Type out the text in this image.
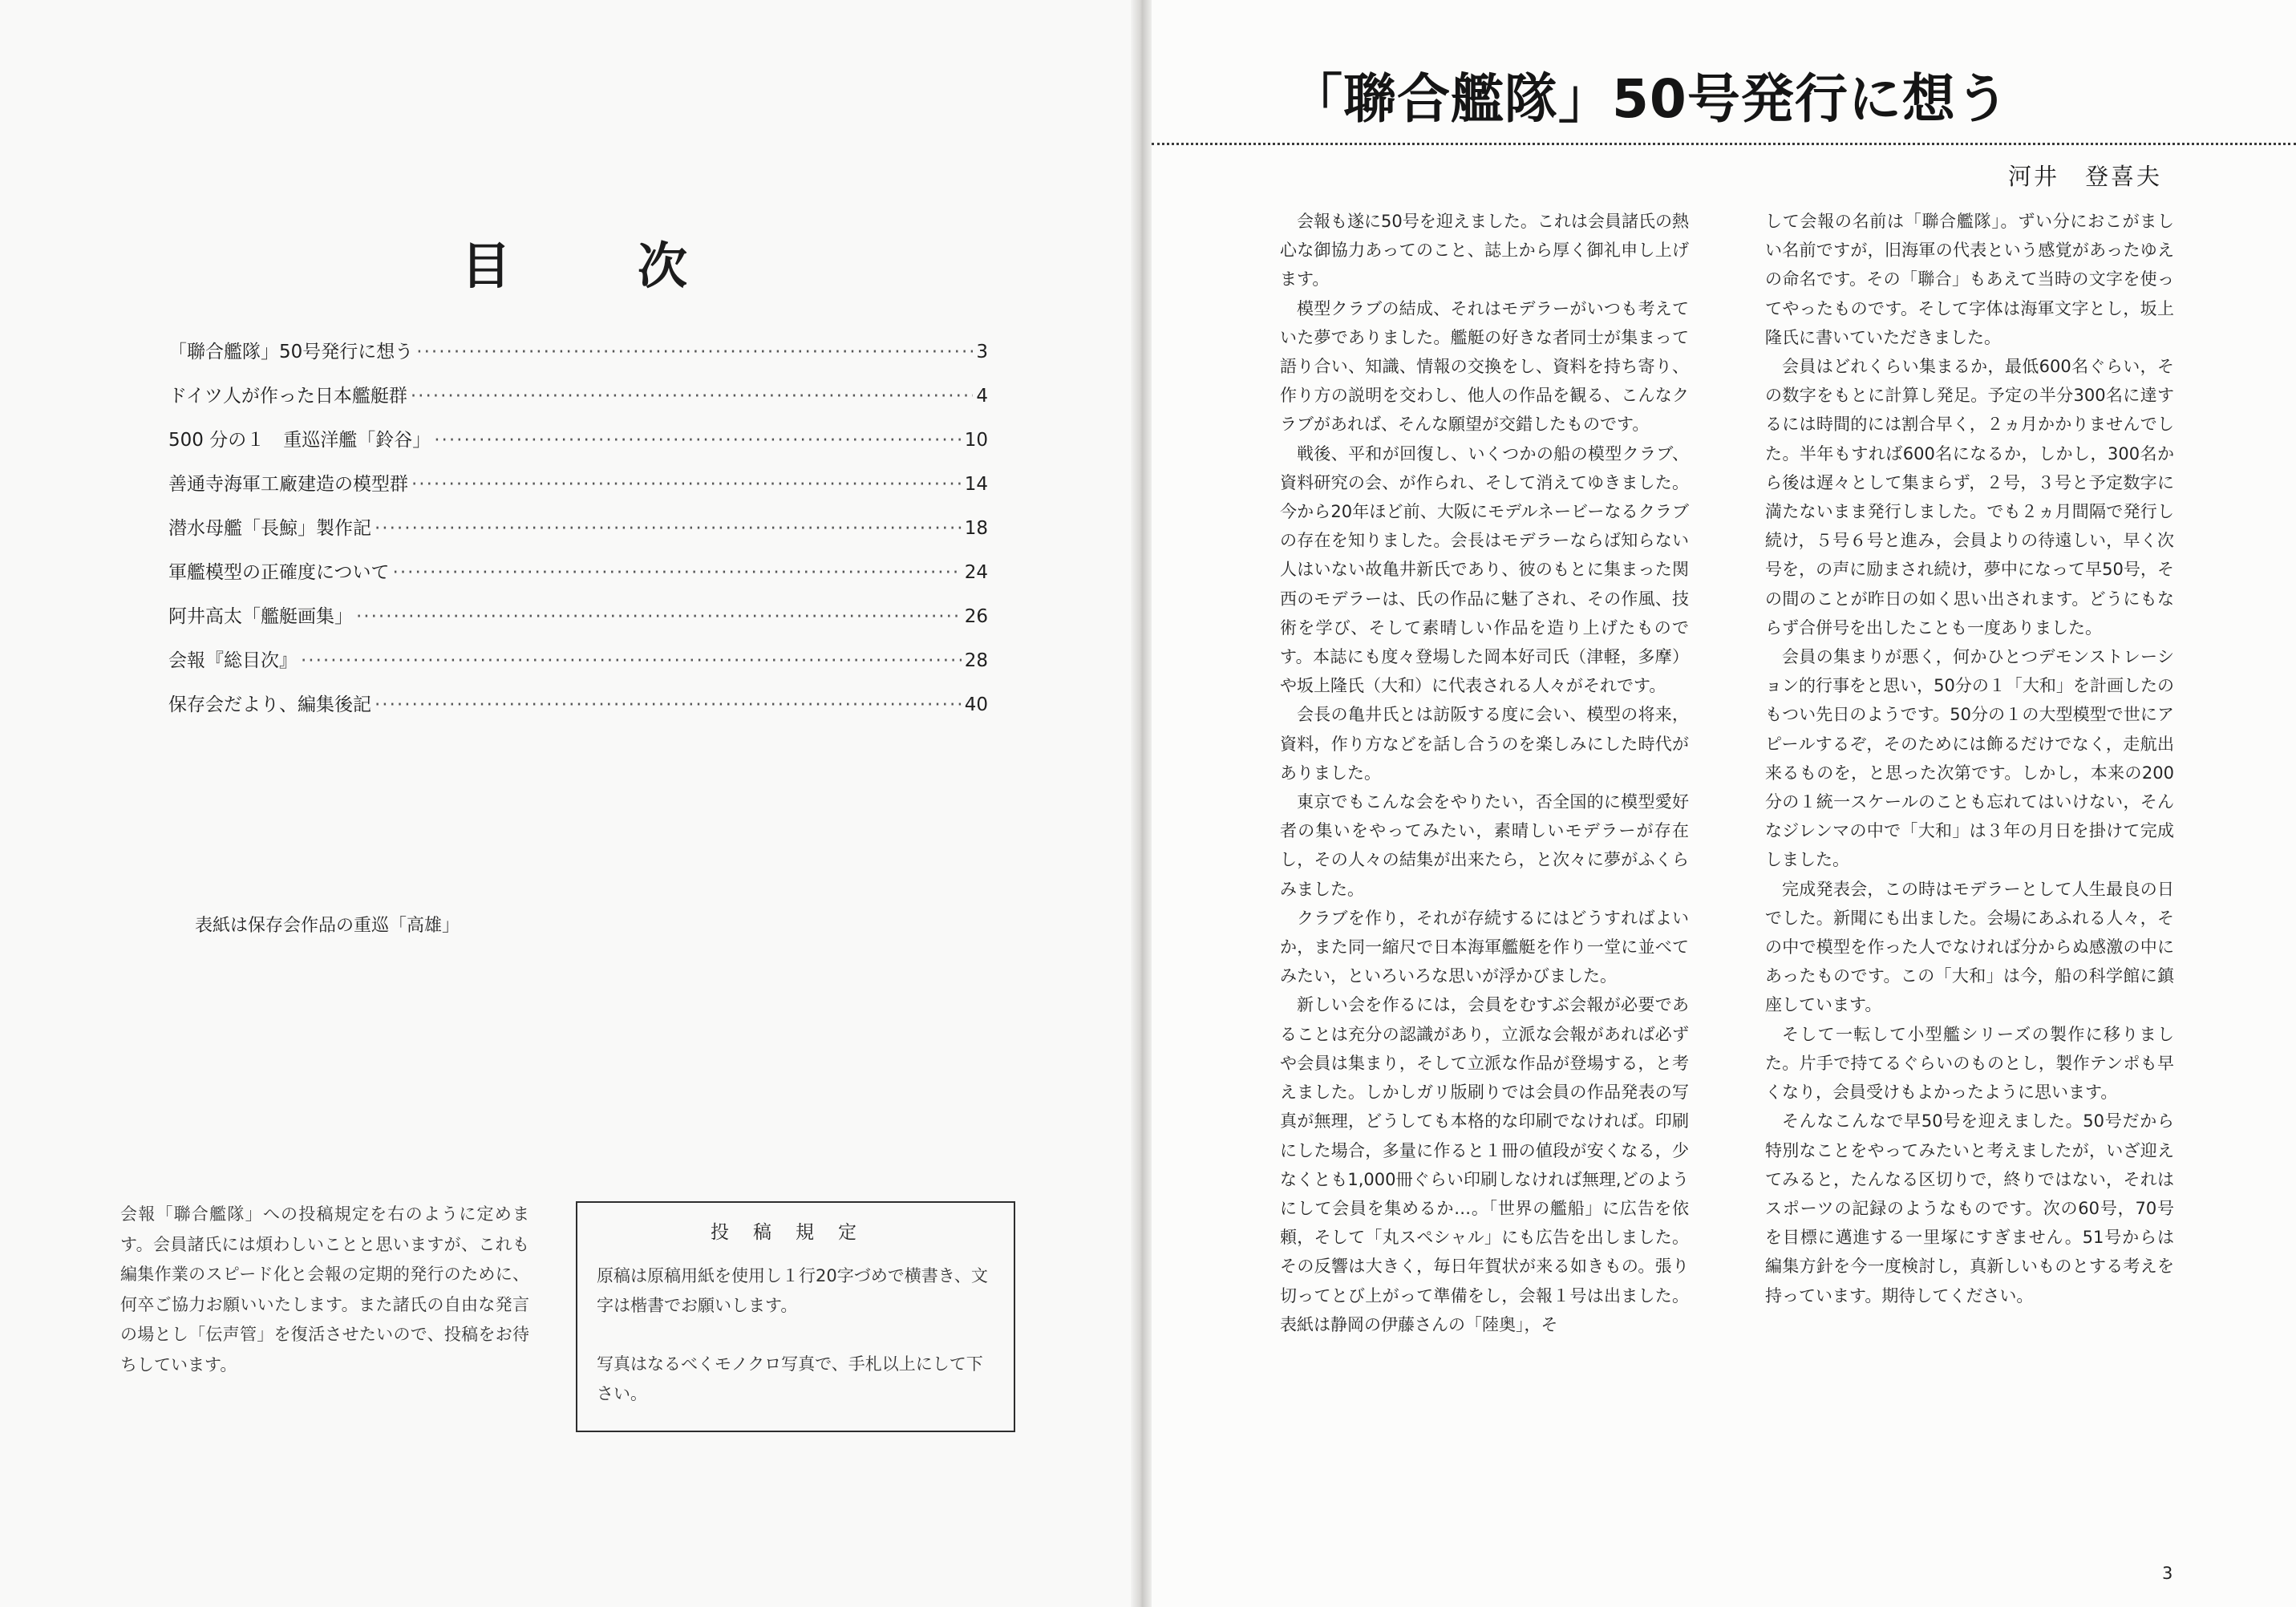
目　次
「聯合艦隊」50号発行に想う ·····	3
ドイツ人が作った日本艦艇群 ·····	4
500 分の１　重巡洋艦「鈴谷」 ·····	10
善通寺海軍工廠建造の模型群 ·····	14
潜水母艦「長鯨」製作記 ·····	18
軍艦模型の正確度について ·····	24
阿井高太「艦艇画集」 ·····	26
会報『総目次』 ·····	28
保存会だより、編集後記 ·····	40
表紙は保存会作品の重巡「高雄」

会報「聯合艦隊」への投稿規定を右のように定めます。会員諸氏には煩わしいことと思いますが、これも編集作業のスピード化と会報の定期的発行のために、何卒ご協力お願いいたします。また諸氏の自由な発言の場とし「伝声管」を復活させたいので、投稿をお待ちしています。

投稿規定

原稿は原稿用紙を使用し１行20字づめで横書き、文字は楷書でお願いします。

写真はなるべくモノクロ写真で、手札以上にして下さい。

「聯合艦隊」50号発行に想う
河井　登喜夫

会報も遂に50号を迎えました。これは会員諸氏の熱心な御協力あってのこと、誌上から厚く御礼申し上げます。

模型クラブの結成、それはモデラーがいつも考えていた夢でありました。艦艇の好きな者同士が集まって語り合い、知識、情報の交換をし、資料を持ち寄り、作り方の説明を交わし、他人の作品を観る、こんなクラブがあれば、そんな願望が交錯したものです。

戦後、平和が回復し、いくつかの船の模型クラブ、資料研究の会、が作られ、そして消えてゆきました。今から20年ほど前、大阪にモデルネービーなるクラブの存在を知りました。会長はモデラーならば知らない人はいない故亀井新氏であり、彼のもとに集まった関西のモデラーは、氏の作品に魅了され、その作風、技術を学び、そして素晴しい作品を造り上げたものです。本誌にも度々登場した岡本好司氏（津軽，多摩）や坂上隆氏（大和）に代表される人々がそれです。

会長の亀井氏とは訪阪する度に会い、模型の将来，資料，作り方などを話し合うのを楽しみにした時代がありました。

東京でもこんな会をやりたい，否全国的に模型愛好者の集いをやってみたい，素晴しいモデラーが存在し，その人々の結集が出来たら，と次々に夢がふくらみました。

クラブを作り，それが存続するにはどうすればよいか，また同一縮尺で日本海軍艦艇を作り一堂に並べてみたい，といろいろな思いが浮かびました。

新しい会を作るには，会員をむすぶ会報が必要であることは充分の認識があり，立派な会報があれば必ずや会員は集まり，そして立派な作品が登場する，と考えました。しかしガリ版刷りでは会員の作品発表の写真が無理，どうしても本格的な印刷でなければ。印刷にした場合，多量に作ると１冊の値段が安くなる，少なくとも1,000冊ぐらい印刷しなければ無理,どのようにして会員を集めるか…。「世界の艦船」に広告を依頼，そして「丸スペシャル」にも広告を出しました。その反響は大きく，毎日年賀状が来る如きもの。張り切ってとび上がって準備をし，会報１号は出ました。表紙は静岡の伊藤さんの「陸奥」，そ

して会報の名前は「聯合艦隊」。ずい分におこがましい名前ですが，旧海軍の代表という感覚があったゆえの命名です。その「聯合」もあえて当時の文字を使ってやったものです。そして字体は海軍文字とし，坂上隆氏に書いていただきました。

会員はどれくらい集まるか，最低600名ぐらい，その数字をもとに計算し発足。予定の半分300名に達するには時間的には割合早く，２ヵ月かかりませんでした。半年もすれば600名になるか，しかし，300名から後は遅々として集まらず，２号，３号と予定数字に満たないまま発行しました。でも２ヵ月間隔で発行し続け，５号６号と進み，会員よりの待遠しい，早く次号を，の声に励まされ続け，夢中になって早50号，その間のことが昨日の如く思い出されます。どうにもならず合併号を出したことも一度ありました。

会員の集まりが悪く，何かひとつデモンストレーション的行事をと思い，50分の１「大和」を計画したのもつい先日のようです。50分の１の大型模型で世にアピールするぞ，そのためには飾るだけでなく，走航出来るものを，と思った次第です。しかし，本来の200分の１統一スケールのことも忘れてはいけない，そんなジレンマの中で「大和」は３年の月日を掛けて完成しました。

完成発表会，この時はモデラーとして人生最良の日でした。新聞にも出ました。会場にあふれる人々，その中で模型を作った人でなければ分からぬ感激の中にあったものです。この「大和」は今，船の科学館に鎮座しています。

そして一転して小型艦シリーズの製作に移りました。片手で持てるぐらいのものとし，製作テンポも早くなり，会員受けもよかったように思います。

そんなこんなで早50号を迎えました。50号だから特別なことをやってみたいと考えましたが，いざ迎えてみると，たんなる区切りで，終りではない，それはスポーツの記録のようなものです。次の60号，70号を目標に邁進する一里塚にすぎません。51号からは編集方針を今一度検討し，真新しいものとする考えを持っています。期待してください。

3
